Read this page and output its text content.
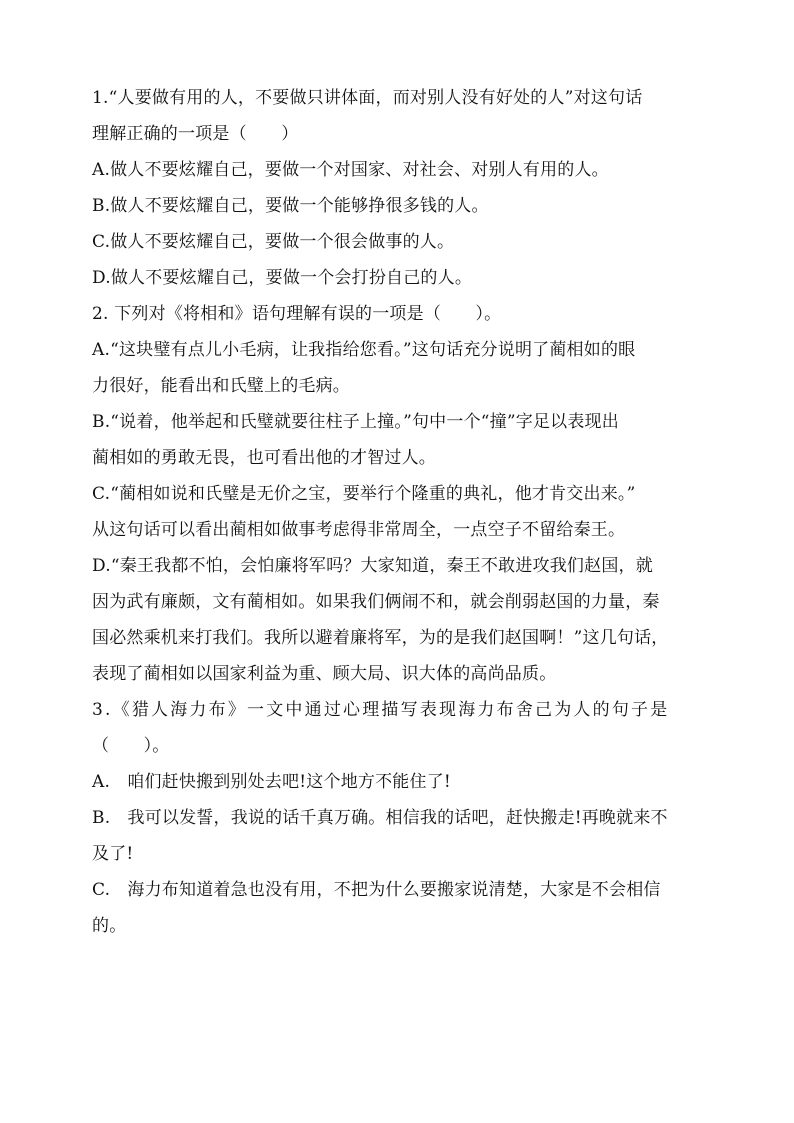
1.“人要做有用的人，不要做只讲体面，而对别人没有好处的人”对这句话
理解正确的一项是（　　）
A.做人不要炫耀自己，要做一个对国家、对社会、对别人有用的人。
B.做人不要炫耀自己，要做一个能够挣很多钱的人。
C.做人不要炫耀自己，要做一个很会做事的人。
D.做人不要炫耀自己，要做一个会打扮自己的人。
2. 下列对《将相和》语句理解有误的一项是（　　）。
A.“这块璧有点儿小毛病，让我指给您看。”这句话充分说明了蔺相如的眼
力很好，能看出和氏璧上的毛病。
B.“说着，他举起和氏璧就要往柱子上撞。”句中一个“撞”字足以表现出
蔺相如的勇敢无畏，也可看出他的才智过人。
C.“蔺相如说和氏璧是无价之宝，要举行个隆重的典礼，他才肯交出来。”
从这句话可以看出蔺相如做事考虑得非常周全，一点空子不留给秦王。
D.“秦王我都不怕，会怕廉将军吗？大家知道，秦王不敢进攻我们赵国，就
因为武有廉颇，文有蔺相如。如果我们俩闹不和，就会削弱赵国的力量，秦
国必然乘机来打我们。我所以避着廉将军，为的是我们赵国啊！”这几句话，
表现了蔺相如以国家利益为重、顾大局、识大体的高尚品质。
3.《猎人海力布》一文中通过心理描写表现海力布舍己为人的句子是
（　　）。
A.　咱们赶快搬到别处去吧!这个地方不能住了!
B.　我可以发誓，我说的话千真万确。相信我的话吧，赶快搬走!再晚就来不
及了!
C.　海力布知道着急也没有用，不把为什么要搬家说清楚，大家是不会相信
的。
